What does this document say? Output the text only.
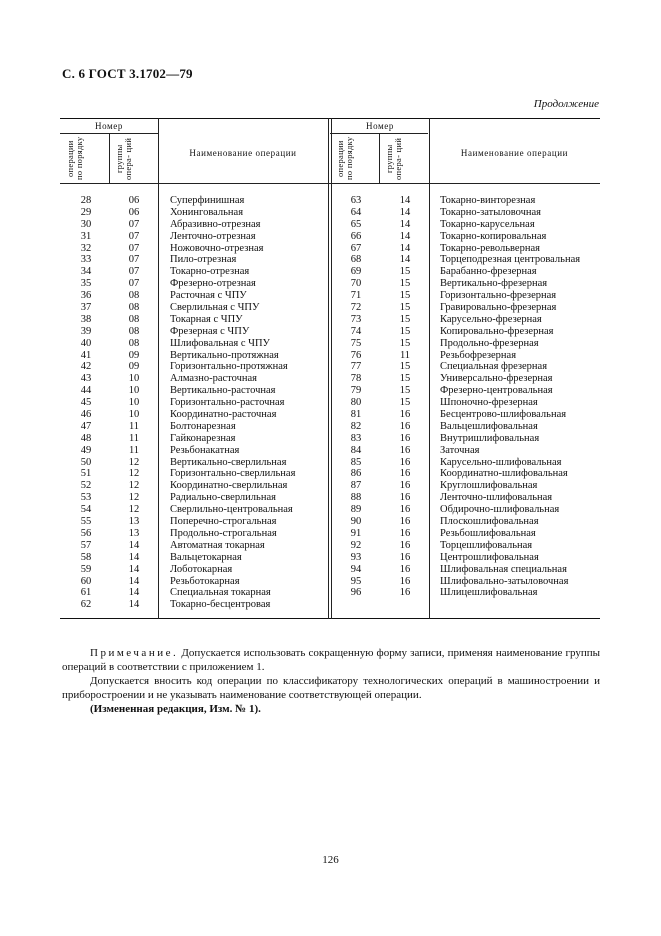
С. 6 ГОСТ 3.1702—79
Продолжение
Номер
операции по порядку	группы опера- ций	Наименование операции
Номер
операции по порядку	группы опера- ций	Наименование операции
28	06	Суперфинишная
29	06	Хонинговальная
30	07	Абразивно-отрезная
31	07	Ленточно-отрезная
32	07	Ножовочно-отрезная
33	07	Пило-отрезная
34	07	Токарно-отрезная
35	07	Фрезерно-отрезная
36	08	Расточная с ЧПУ
37	08	Сверлильная с ЧПУ
38	08	Токарная с ЧПУ
39	08	Фрезерная с ЧПУ
40	08	Шлифовальная с ЧПУ
41	09	Вертикально-протяжная
42	09	Горизонтально-протяжная
43	10	Алмазно-расточная
44	10	Вертикально-расточная
45	10	Горизонтально-расточная
46	10	Координатно-расточная
47	11	Болтонарезная
48	11	Гайконарезная
49	11	Резьбонакатная
50	12	Вертикально-сверлильная
51	12	Горизонтально-сверлильная
52	12	Координатно-сверлильная
53	12	Радиально-сверлильная
54	12	Сверлильно-центровальная
55	13	Поперечно-строгальная
56	13	Продольно-строгальная
57	14	Автоматная токарная
58	14	Вальцетокарная
59	14	Лоботокарная
60	14	Резьботокарная
61	14	Специальная токарная
62	14	Токарно-бесцентровая
63	14	Токарно-винторезная
64	14	Токарно-затыловочная
65	14	Токарно-карусельная
66	14	Токарно-копировальная
67	14	Токарно-револьверная
68	14	Торцеподрезная центровальная
69	15	Барабанно-фрезерная
70	15	Вертикально-фрезерная
71	15	Горизонтально-фрезерная
72	15	Гравировально-фрезерная
73	15	Карусельно-фрезерная
74	15	Копировально-фрезерная
75	15	Продольно-фрезерная
76	11	Резьбофрезерная
77	15	Специальная фрезерная
78	15	Универсально-фрезерная
79	15	Фрезерно-центровальная
80	15	Шпоночно-фрезерная
81	16	Бесцентрово-шлифовальная
82	16	Вальцешлифовальная
83	16	Внутришлифовальная
84	16	Заточная
85	16	Карусельно-шлифовальная
86	16	Координатно-шлифовальная
87	16	Круглошлифовальная
88	16	Ленточно-шлифовальная
89	16	Обдирочно-шлифовальная
90	16	Плоскошлифовальная
91	16	Резьбошлифовальная
92	16	Торцешлифовальная
93	16	Центрошлифовальная
94	16	Шлифовальная специальная
95	16	Шлифовально-затыловочная
96	16	Шлицешлифовальная

Примечание. Допускается использовать сокращенную форму записи, применяя наименование группы операций в соответствии с приложением 1.

Допускается вносить код операции по классификатору технологических операций в машиностроении и приборостроении и не указывать наименование соответствующей операции.

(Измененная редакция, Изм. № 1).

126
